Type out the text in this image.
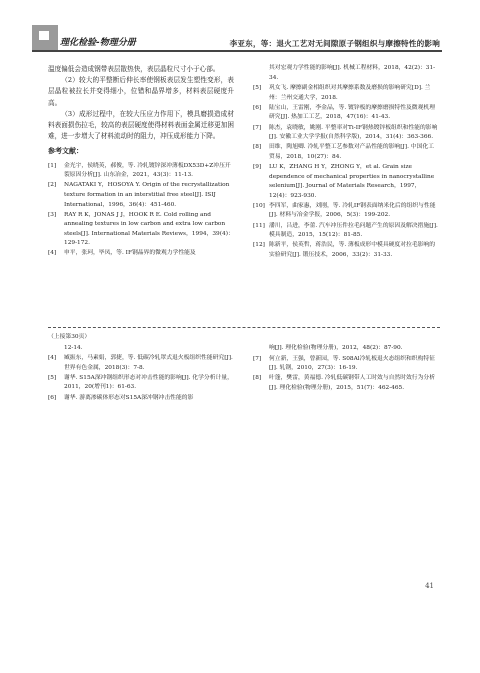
理化检验-物理分册	李亚东，等：退火工艺对无间隙原子钢组织与摩擦特性的影响

温度偏低会造成钢带表层散热快，表层晶粒尺寸小于心部。

（2）较大的平整断后伸长率使钢板表层发生塑性变形，表层晶粒被拉长并变得细小，位错和晶界增多，材料表层硬度升高。

（3）成形过程中，在较大压应力作用下，模具磨损造成材料表面损伤拉毛，较高的表层硬度使得材料表面金属迁移更加困难，进一步增大了材料流动时的阻力，冲压成形能力下降。

参考文献：
[1]	金光宇，侯晓英，郝俊，等. 冷轧镀锌深冲薄板DX53D+Z冲压开裂原因分析[J]. 山东冶金，2021，43(3)：11-13.
[2]	NAGATAKI Y，HOSOYA Y. Origin of the recrystallization texture formation in an interstitial free steel[J]. ISIJ International，1996，36(4)：451-460.
[3]	RAY R K，JONAS J J，HOOK R E. Cold rolling and annealing textures in low carbon and extra low carbon steels[J]. International Materials Reviews，1994，39(4)：129-172.
[4]	申平，张珂，毕凤，等. IF钢晶界的微观力学性能及
其对宏观力学性能的影响[J]. 机械工程材料，2018，42(2)：31-34.
[5]	巩女飞. 摩擦副金相组织对其摩擦系数及磨损的影响研究[D]. 兰州：兰州交通大学，2018.
[6]	陆宝山，王雷刚，李金品，等. 镀锌板的摩擦磨损特性及微观机理研究[J]. 热加工工艺，2018，47(16)：41-43.
[7]	陈杰，袁晓敏，姚刚. 平整率对Ti-IF钢热镀锌板组织和性能的影响[J]. 安徽工业大学学报(自然科学版)，2014，31(4)：363-366.
[8]	田维，陶旭卿. 冷轧平整工艺参数对产品性能的影响[J]. 中国化工贸易，2018，10(27)：84.
[9]	LU K，ZHANG H Y，ZHONG Y，et al. Grain size dependence of mechanical properties in nanocrystalline selenium[J]. Journal of Materials Research，1997，12(4)：923-930.
[10] 李四军，曲家惠，刘刚，等. 冷轧IF钢表面纳米化后的组织与性能[J]. 材料与冶金学报，2006，5(3)：199-202.
[11] 潘川，吕进，李蕾. 汽车冲压件拉毛问题产生的原因及解决措施[J]. 模具制造，2015，15(12)：81-85.
[12] 陈新平，侯英哲，蒋浩民，等. 薄板成形中模具硬度对拉毛影响的实验研究[J]. 锻压技术，2006，33(2)：31-33.
（上接第30页）
12-14.
[4]	臧振东，马素娟，郭捷，等. 低碳冷轧罩式退火板组织性能研究[J]. 世界有色金属，2018(3)：7-8.
[5]	谢华. S15A深冲钢组织形态对冲击性能的影响[J]. 化学分析计量，2011，20(增刊1)：61-63.
[6]	谢华. 游离渗碳体形态对S15A深冲钢冲击性能的影
响[J]. 理化检验(物理分册)，2012，48(2)：87-90.
[7]	何立新，王强，曾新园，等. S08Al冷轧板退火态组织和织构特征[J]. 轧钢，2010，27(3)：16-19.
[8]	叶蓬，樊雷，黄福德. 冷轧低碳钢带人工时效与自然时效行为分析[J]. 理化检验(物理分册)，2015，51(7)：462-465.
41
